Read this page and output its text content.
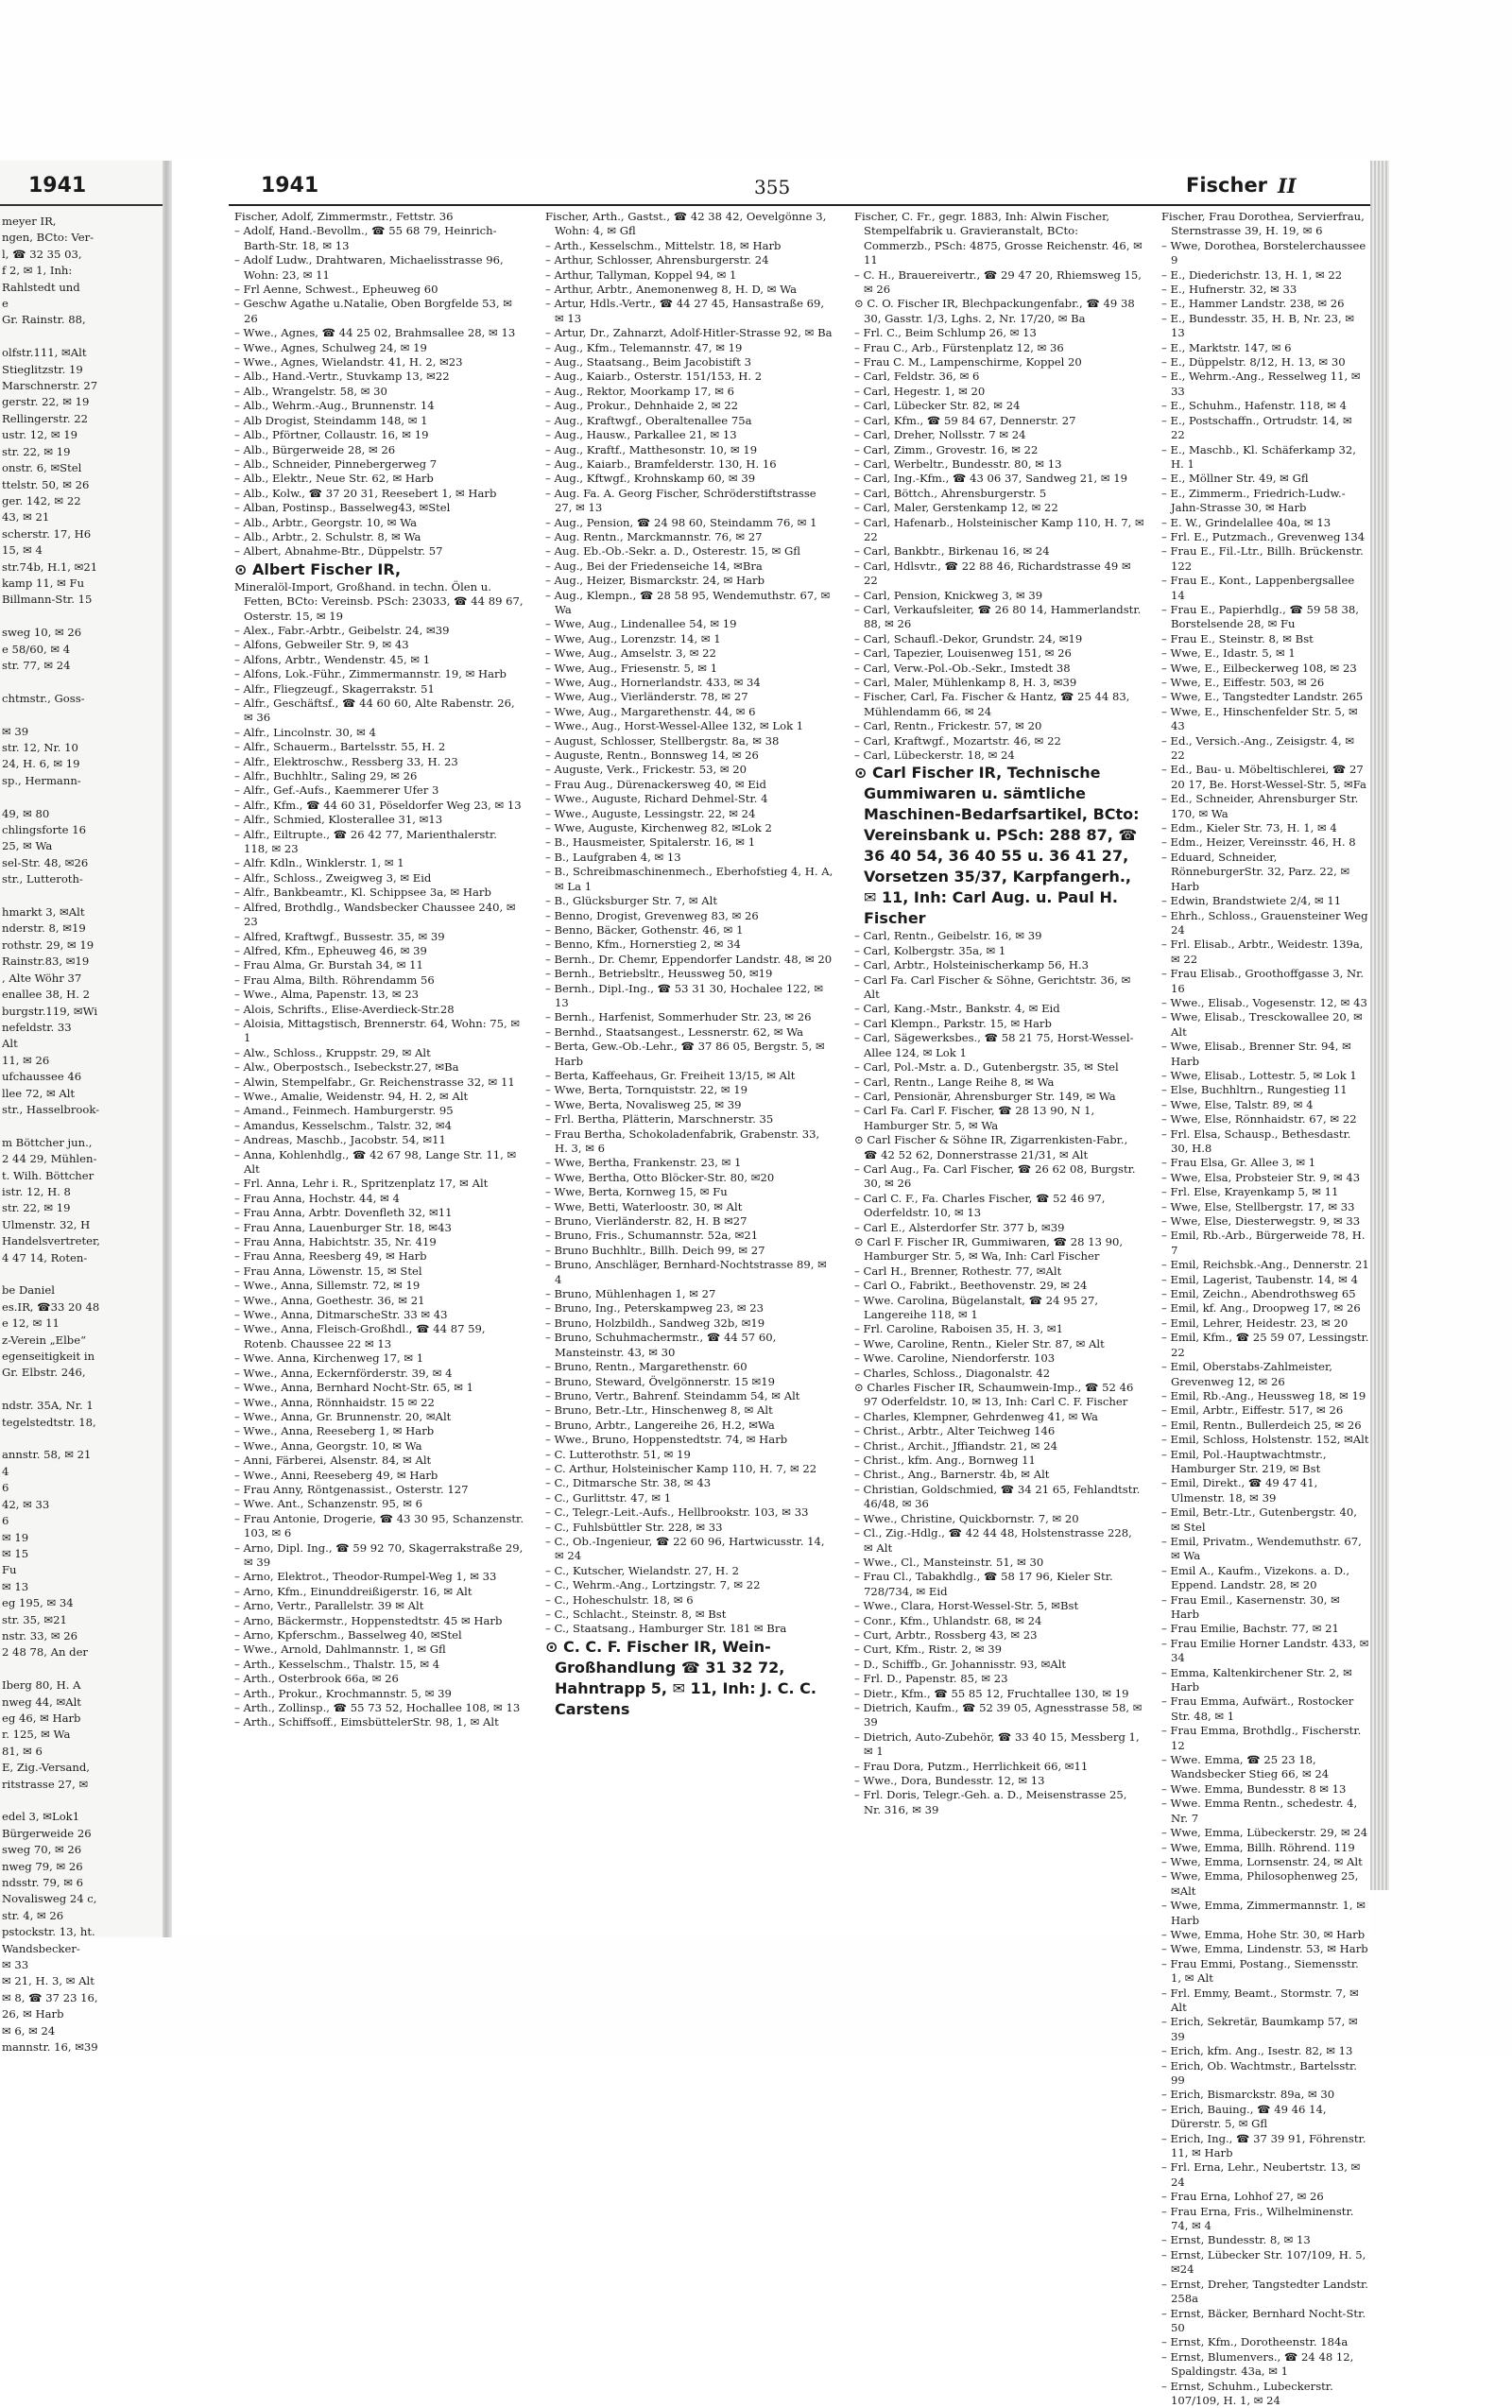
1941
meyer IR,
ngen, BCto: Ver-
l, ☎ 32 35 03,
f 2, ✉ 1, Inh:
Rahlstedt und
e
Gr. Rainstr. 88,

olfstr.111, ✉Alt
Stieglitzstr. 19
Marschnerstr. 27
gerstr. 22, ✉ 19
Rellingerstr. 22
ustr. 12, ✉ 19
str. 22, ✉ 19
onstr. 6, ✉Stel
ttelstr. 50, ✉ 26
ger. 142, ✉ 22
43, ✉ 21
scherstr. 17, H6
15, ✉ 4
str.74b, H.1, ✉21
kamp 11, ✉ Fu
Billmann-Str. 15

sweg 10, ✉ 26
e 58/60, ✉ 4
str. 77, ✉ 24

chtmstr., Goss-

✉ 39
str. 12, Nr. 10
24, H. 6, ✉ 19
sp., Hermann-

49, ✉ 80
chlingsforte 16
25, ✉ Wa
sel-Str. 48, ✉26
str., Lutteroth-

hmarkt 3, ✉Alt
nderstr. 8, ✉19
rothstr. 29, ✉ 19
Rainstr.83, ✉19
, Alte Wöhr 37
enallee 38, H. 2
burgstr.119, ✉Wi
nefeldstr. 33
Alt
11, ✉ 26
ufchaussee 46
llee 72, ✉ Alt
str., Hasselbrook-

m Böttcher jun.,
2 44 29, Mühlen-
t. Wilh. Böttcher
istr. 12, H. 8
str. 22, ✉ 19
Ulmenstr. 32, H
Handelsvertreter,
4 47 14, Roten-

be Daniel
es.IR, ☎33 20 48
e 12, ✉ 11
z-Verein „Elbe“
egenseitigkeit in
Gr. Elbstr. 246,

ndstr. 35A, Nr. 1
tegelstedtstr. 18,

annstr. 58, ✉ 21
4
6
42, ✉ 33
6
✉ 19
✉ 15
Fu
✉ 13
eg 195, ✉ 34
str. 35, ✉21
nstr. 33, ✉ 26
2 48 78, An der

Iberg 80, H. A
nweg 44, ✉Alt
eg 46, ✉ Harb
r. 125, ✉ Wa
81, ✉ 6
E, Zig.-Versand,
ritstrasse 27, ✉

edel 3, ✉Lok1
Bürgerweide 26
sweg 70, ✉ 26
nweg 79, ✉ 26
ndsstr. 79, ✉ 6
Novalisweg 24 c,
str. 4, ✉ 26
pstockstr. 13, ht.
Wandsbecker-
✉ 33
✉ 21, H. 3, ✉ Alt
✉ 8, ☎ 37 23 16,
26, ✉ Harb
✉ 6, ✉ 24
mannstr. 16, ✉39
1941	355	Fischer II

Fischer, Adolf, Zimmermstr., Fettstr. 36

– Adolf, Hand.-Bevollm., ☎ 55 68 79, Heinrich-Barth-Str. 18, ✉ 13

– Adolf Ludw., Drahtwaren, Michaelisstrasse 96, Wohn: 23, ✉ 11

– Frl Aenne, Schwest., Epheuweg 60

– Geschw Agathe u.Natalie, Oben Borgfelde 53, ✉ 26

– Wwe., Agnes, ☎ 44 25 02, Brahmsallee 28, ✉ 13

– Wwe., Agnes, Schulweg 24, ✉ 19

– Wwe., Agnes, Wielandstr. 41, H. 2, ✉23

– Alb., Hand.-Vertr., Stuvkamp 13, ✉22

– Alb., Wrangelstr. 58, ✉ 30

– Alb., Wehrm.-Aug., Brunnenstr. 14

– Alb Drogist, Steindamm 148, ✉ 1

– Alb., Pförtner, Collaustr. 16, ✉ 19

– Alb., Bürgerweide 28, ✉ 26

– Alb., Schneider, Pinnebergerweg 7

– Alb., Elektr., Neue Str. 62, ✉ Harb

– Alb., Kolw., ☎ 37 20 31, Reesebert 1, ✉ Harb

– Alban, Postinsp., Basselweg43, ✉Stel

– Alb., Arbtr., Georgstr. 10, ✉ Wa

– Alb., Arbtr., 2. Schulstr. 8, ✉ Wa

– Albert, Abnahme-Btr., Düppelstr. 57

⊙ Albert Fischer IR,

Mineralöl-Import, Großhand. in techn. Ölen u. Fetten, BCto: Vereinsb. PSch: 23033, ☎ 44 89 67, Osterstr. 15, ✉ 19

– Alex., Fabr.-Arbtr., Geibelstr. 24, ✉39

– Alfons, Gebweiler Str. 9, ✉ 43

– Alfons, Arbtr., Wendenstr. 45, ✉ 1

– Alfons, Lok.-Führ., Zimmermannstr. 19, ✉ Harb

– Alfr., Fliegzeugf., Skagerrakstr. 51

– Alfr., Geschäftsf., ☎ 44 60 60, Alte Rabenstr. 26, ✉ 36

– Alfr., Lincolnstr. 30, ✉ 4

– Alfr., Schauerm., Bartelsstr. 55, H. 2

– Alfr., Elektroschw., Ressberg 33, H. 23

– Alfr., Buchhltr., Saling 29, ✉ 26

– Alfr., Gef.-Aufs., Kaemmerer Ufer 3

– Alfr., Kfm., ☎ 44 60 31, Pöseldorfer Weg 23, ✉ 13

– Alfr., Schmied, Klosterallee 31, ✉13

– Alfr., Eiltrupte., ☎ 26 42 77, Marienthalerstr. 118, ✉ 23

– Alfr. Kdln., Winklerstr. 1, ✉ 1

– Alfr., Schloss., Zweigweg 3, ✉ Eid

– Alfr., Bankbeamtr., Kl. Schippsee 3a, ✉ Harb

– Alfred, Brothdlg., Wandsbecker Chaussee 240, ✉ 23

– Alfred, Kraftwgf., Bussestr. 35, ✉ 39

– Alfred, Kfm., Epheuweg 46, ✉ 39

– Frau Alma, Gr. Burstah 34, ✉ 11

– Frau Alma, Bilth. Röhrendamm 56

– Wwe., Alma, Papenstr. 13, ✉ 23

– Alois, Schrifts., Elise-Averdieck-Str.28

– Aloisia, Mittagstisch, Brennerstr. 64, Wohn: 75, ✉ 1

– Alw., Schloss., Kruppstr. 29, ✉ Alt

– Alw., Oberpostsch., Isebeckstr.27, ✉Ba

– Alwin, Stempelfabr., Gr. Reichenstrasse 32, ✉ 11

– Wwe., Amalie, Weidenstr. 94, H. 2, ✉ Alt

– Amand., Feinmech. Hamburgerstr. 95

– Amandus, Kesselschm., Talstr. 32, ✉4

– Andreas, Maschb., Jacobstr. 54, ✉11

– Anna, Kohlenhdlg., ☎ 42 67 98, Lange Str. 11, ✉ Alt

– Frl. Anna, Lehr i. R., Spritzenplatz 17, ✉ Alt

– Frau Anna, Hochstr. 44, ✉ 4

– Frau Anna, Arbtr. Dovenfleth 32, ✉11

– Frau Anna, Lauenburger Str. 18, ✉43

– Frau Anna, Habichtstr. 35, Nr. 419

– Frau Anna, Reesberg 49, ✉ Harb

– Frau Anna, Löwenstr. 15, ✉ Stel

– Wwe., Anna, Sillemstr. 72, ✉ 19

– Wwe., Anna, Goethestr. 36, ✉ 21

– Wwe., Anna, DitmarscheStr. 33 ✉ 43

– Wwe., Anna, Fleisch-Großhdl., ☎ 44 87 59, Rotenb. Chaussee 22 ✉ 13

– Wwe. Anna, Kirchenweg 17, ✉ 1

– Wwe., Anna, Eckernförderstr. 39, ✉ 4

– Wwe., Anna, Bernhard Nocht-Str. 65, ✉ 1

– Wwe., Anna, Rönnhaidstr. 15 ✉ 22

– Wwe., Anna, Gr. Brunnenstr. 20, ✉Alt

– Wwe., Anna, Reeseberg 1, ✉ Harb

– Wwe., Anna, Georgstr. 10, ✉ Wa

– Anni, Färberei, Alsenstr. 84, ✉ Alt

– Wwe., Anni, Reeseberg 49, ✉ Harb

– Frau Anny, Röntgenassist., Osterstr. 127

– Wwe. Ant., Schanzenstr. 95, ✉ 6

– Frau Antonie, Drogerie, ☎ 43 30 95, Schanzenstr. 103, ✉ 6

– Arno, Dipl. Ing., ☎ 59 92 70, Skagerrakstraße 29, ✉ 39

– Arno, Elektrot., Theodor-Rumpel-Weg 1, ✉ 33

– Arno, Kfm., Einunddreißigerstr. 16, ✉ Alt

– Arno, Vertr., Parallelstr. 39 ✉ Alt

– Arno, Bäckermstr., Hoppenstedtstr. 45 ✉ Harb

– Arno, Kpferschm., Basselweg 40, ✉Stel

– Wwe., Arnold, Dahlmannstr. 1, ✉ Gfl

– Arth., Kesselschm., Thalstr. 15, ✉ 4

– Arth., Osterbrook 66a, ✉ 26

– Arth., Prokur., Krochmannstr. 5, ✉ 39

– Arth., Zollinsp., ☎ 55 73 52, Hochallee 108, ✉ 13

– Arth., Schiffsoff., EimsbüttelerStr. 98, 1, ✉ Alt

Fischer, Arth., Gastst., ☎ 42 38 42, Oevelgönne 3, Wohn: 4, ✉ Gfl

– Arth., Kesselschm., Mittelstr. 18, ✉ Harb

– Arthur, Schlosser, Ahrensburgerstr. 24

– Arthur, Tallyman, Koppel 94, ✉ 1

– Arthur, Arbtr., Anemonenweg 8, H. D, ✉ Wa

– Artur, Hdls.-Vertr., ☎ 44 27 45, Hansastraße 69, ✉ 13

– Artur, Dr., Zahnarzt, Adolf-Hitler-Strasse 92, ✉ Ba

– Aug., Kfm., Telemannstr. 47, ✉ 19

– Aug., Staatsang., Beim Jacobistift 3

– Aug., Kaiarb., Osterstr. 151/153, H. 2

– Aug., Rektor, Moorkamp 17, ✉ 6

– Aug., Prokur., Dehnhaide 2, ✉ 22

– Aug., Kraftwgf., Oberaltenallee 75a

– Aug., Hausw., Parkallee 21, ✉ 13

– Aug., Kraftf., Matthesonstr. 10, ✉ 19

– Aug., Kaiarb., Bramfelderstr. 130, H. 16

– Aug., Kftwgf., Krohnskamp 60, ✉ 39

– Aug. Fa. A. Georg Fischer, Schröderstiftstrasse 27, ✉ 13

– Aug., Pension, ☎ 24 98 60, Steindamm 76, ✉ 1

– Aug. Rentn., Marckmannstr. 76, ✉ 27

– Aug. Eb.-Ob.-Sekr. a. D., Osterestr. 15, ✉ Gfl

– Aug., Bei der Friedenseiche 14, ✉Bra

– Aug., Heizer, Bismarckstr. 24, ✉ Harb

– Aug., Klempn., ☎ 28 58 95, Wendemuthstr. 67, ✉ Wa

– Wwe, Aug., Lindenallee 54, ✉ 19

– Wwe, Aug., Lorenzstr. 14, ✉ 1

– Wwe, Aug., Amselstr. 3, ✉ 22

– Wwe, Aug., Friesenstr. 5, ✉ 1

– Wwe, Aug., Hornerlandstr. 433, ✉ 34

– Wwe, Aug., Vierländerstr. 78, ✉ 27

– Wwe, Aug., Margarethenstr. 44, ✉ 6

– Wwe., Aug., Horst-Wessel-Allee 132, ✉ Lok 1

– August, Schlosser, Stellbergstr. 8a, ✉ 38

– Auguste, Rentn., Bonnsweg 14, ✉ 26

– Auguste, Verk., Frickestr. 53, ✉ 20

– Frau Aug., Dürenackersweg 40, ✉ Eid

– Wwe., Auguste, Richard Dehmel-Str. 4

– Wwe., Auguste, Lessingstr. 22, ✉ 24

– Wwe, Auguste, Kirchenweg 82, ✉Lok 2

– B., Hausmeister, Spitalerstr. 16, ✉ 1

– B., Laufgraben 4, ✉ 13

– B., Schreibmaschinenmech., Eberhofstieg 4, H. A, ✉ La 1

– B., Glücksburger Str. 7, ✉ Alt

– Benno, Drogist, Grevenweg 83, ✉ 26

– Benno, Bäcker, Gothenstr. 46, ✉ 1

– Benno, Kfm., Hornerstieg 2, ✉ 34

– Bernh., Dr. Chemr, Eppendorfer Landstr. 48, ✉ 20

– Bernh., Betriebsltr., Heussweg 50, ✉19

– Bernh., Dipl.-Ing., ☎ 53 31 30, Hochalee 122, ✉ 13

– Bernh., Harfenist, Sommerhuder Str. 23, ✉ 26

– Bernhd., Staatsangest., Lessnerstr. 62, ✉ Wa

– Berta, Gew.-Ob.-Lehr., ☎ 37 86 05, Bergstr. 5, ✉ Harb

– Berta, Kaffeehaus, Gr. Freiheit 13/15, ✉ Alt

– Wwe, Berta, Tornquiststr. 22, ✉ 19

– Wwe, Berta, Novalisweg 25, ✉ 39

– Frl. Bertha, Plätterin, Marschnerstr. 35

– Frau Bertha, Schokoladenfabrik, Grabenstr. 33, H. 3, ✉ 6

– Wwe, Bertha, Frankenstr. 23, ✉ 1

– Wwe, Bertha, Otto Blöcker-Str. 80, ✉20

– Wwe, Berta, Kornweg 15, ✉ Fu

– Wwe, Betti, Waterloostr. 30, ✉ Alt

– Bruno, Vierländerstr. 82, H. B ✉27

– Bruno, Fris., Schumannstr. 52a, ✉21

– Bruno Buchhltr., Billh. Deich 99, ✉ 27

– Bruno, Anschläger, Bernhard-Nochtstrasse 89, ✉ 4

– Bruno, Mühlenhagen 1, ✉ 27

– Bruno, Ing., Peterskampweg 23, ✉ 23

– Bruno, Holzbildh., Sandweg 32b, ✉19

– Bruno, Schuhmachermstr., ☎ 44 57 60, Mansteinstr. 43, ✉ 30

– Bruno, Rentn., Margarethenstr. 60

– Bruno, Steward, Övelgönnerstr. 15 ✉19

– Bruno, Vertr., Bahrenf. Steindamm 54, ✉ Alt

– Bruno, Betr.-Ltr., Hinschenweg 8, ✉ Alt

– Bruno, Arbtr., Langereihe 26, H.2, ✉Wa

– Wwe., Bruno, Hoppenstedtstr. 74, ✉ Harb

– C. Lutterothstr. 51, ✉ 19

– C. Arthur, Holsteinischer Kamp 110, H. 7, ✉ 22

– C., Ditmarsche Str. 38, ✉ 43

– C., Gurlittstr. 47, ✉ 1

– C., Telegr.-Leit.-Aufs., Hellbrookstr. 103, ✉ 33

– C., Fuhlsbüttler Str. 228, ✉ 33

– C., Ob.-Ingenieur, ☎ 22 60 96, Hartwicusstr. 14, ✉ 24

– C., Kutscher, Wielandstr. 27, H. 2

– C., Wehrm.-Ang., Lortzingstr. 7, ✉ 22

– C., Hoheschulstr. 18, ✉ 6

– C., Schlacht., Steinstr. 8, ✉ Bst

– C., Staatsang., Hamburger Str. 181 ✉ Bra

⊙ C. C. F. Fischer IR, Wein-Großhandlung ☎ 31 32 72, Hahntrapp 5, ✉ 11, Inh: J. C. C. Carstens

Fischer, C. Fr., gegr. 1883, Inh: Alwin Fischer, Stempelfabrik u. Gravieranstalt, BCto: Commerzb., PSch: 4875, Grosse Reichenstr. 46, ✉ 11

– C. H., Brauereivertr., ☎ 29 47 20, Rhiemsweg 15, ✉ 26

⊙ C. O. Fischer IR, Blechpackungenfabr., ☎ 49 38 30, Gasstr. 1/3, Lghs. 2, Nr. 17/20, ✉ Ba

– Frl. C., Beim Schlump 26, ✉ 13

– Frau C., Arb., Fürstenplatz 12, ✉ 36

– Frau C. M., Lampenschirme, Koppel 20

– Carl, Feldstr. 36, ✉ 6

– Carl, Hegestr. 1, ✉ 20

– Carl, Lübecker Str. 82, ✉ 24

– Carl, Kfm., ☎ 59 84 67, Dennerstr. 27

– Carl, Dreher, Nollsstr. 7 ✉ 24

– Carl, Zimm., Grovestr. 16, ✉ 22

– Carl, Werbeltr., Bundesstr. 80, ✉ 13

– Carl, Ing.-Kfm., ☎ 43 06 37, Sandweg 21, ✉ 19

– Carl, Böttch., Ahrensburgerstr. 5

– Carl, Maler, Gerstenkamp 12, ✉ 22

– Carl, Hafenarb., Holsteinischer Kamp 110, H. 7, ✉ 22

– Carl, Bankbtr., Birkenau 16, ✉ 24

– Carl, Hdlsvtr., ☎ 22 88 46, Richardstrasse 49 ✉ 22

– Carl, Pension, Knickweg 3, ✉ 39

– Carl, Verkaufsleiter, ☎ 26 80 14, Hammerlandstr. 88, ✉ 26

– Carl, Schaufl.-Dekor, Grundstr. 24, ✉19

– Carl, Tapezier, Louisenweg 151, ✉ 26

– Carl, Verw.-Pol.-Ob.-Sekr., Imstedt 38

– Carl, Maler, Mühlenkamp 8, H. 3, ✉39

– Fischer, Carl, Fa. Fischer & Hantz, ☎ 25 44 83, Mühlendamm 66, ✉ 24

– Carl, Rentn., Frickestr. 57, ✉ 20

– Carl, Kraftwgf., Mozartstr. 46, ✉ 22

– Carl, Lübeckerstr. 18, ✉ 24

⊙ Carl Fischer IR, Technische Gummiwaren u. sämtliche Maschinen-Bedarfsartikel, BCto: Vereinsbank u. PSch: 288 87, ☎ 36 40 54, 36 40 55 u. 36 41 27, Vorsetzen 35/37, Karpfangerh., ✉ 11, Inh: Carl Aug. u. Paul H. Fischer

– Carl, Rentn., Geibelstr. 16, ✉ 39

– Carl, Kolbergstr. 35a, ✉ 1

– Carl, Arbtr., Holsteinischerkamp 56, H.3

– Carl Fa. Carl Fischer & Söhne, Gerichtstr. 36, ✉ Alt

– Carl, Kang.-Mstr., Bankstr. 4, ✉ Eid

– Carl Klempn., Parkstr. 15, ✉ Harb

– Carl, Sägewerksbes., ☎ 58 21 75, Horst-Wessel-Allee 124, ✉ Lok 1

– Carl, Pol.-Mstr. a. D., Gutenbergstr. 35, ✉ Stel

– Carl, Rentn., Lange Reihe 8, ✉ Wa

– Carl, Pensionär, Ahrensburger Str. 149, ✉ Wa

– Carl Fa. Carl F. Fischer, ☎ 28 13 90, N 1, Hamburger Str. 5, ✉ Wa

⊙ Carl Fischer & Söhne IR, Zigarrenkisten-Fabr., ☎ 42 52 62, Donnerstrasse 21/31, ✉ Alt

– Carl Aug., Fa. Carl Fischer, ☎ 26 62 08, Burgstr. 30, ✉ 26

– Carl C. F., Fa. Charles Fischer, ☎ 52 46 97, Oderfeldstr. 10, ✉ 13

– Carl E., Alsterdorfer Str. 377 b, ✉39

⊙ Carl F. Fischer IR, Gummiwaren, ☎ 28 13 90, Hamburger Str. 5, ✉ Wa, Inh: Carl Fischer

– Carl H., Brenner, Rothestr. 77, ✉Alt

– Carl O., Fabrikt., Beethovenstr. 29, ✉ 24

– Wwe. Carolina, Bügelanstalt, ☎ 24 95 27, Langereihe 118, ✉ 1

– Frl. Caroline, Raboisen 35, H. 3, ✉1

– Wwe, Caroline, Rentn., Kieler Str. 87, ✉ Alt

– Wwe. Caroline, Niendorferstr. 103

– Charles, Schloss., Diagonalstr. 42

⊙ Charles Fischer IR, Schaumwein-Imp., ☎ 52 46 97 Oderfeldstr. 10, ✉ 13, Inh: Carl C. F. Fischer

– Charles, Klempner, Gehrdenweg 41, ✉ Wa

– Christ., Arbtr., Alter Teichweg 146

– Christ., Archit., Jffiandstr. 21, ✉ 24

– Christ., kfm. Ang., Bornweg 11

– Christ., Ang., Barnerstr. 4b, ✉ Alt

– Christian, Goldschmied, ☎ 34 21 65, Fehlandtstr. 46/48, ✉ 36

– Wwe., Christine, Quickbornstr. 7, ✉ 20

– Cl., Zig.-Hdlg., ☎ 42 44 48, Holstenstrasse 228, ✉ Alt

– Wwe., Cl., Mansteinstr. 51, ✉ 30

– Frau Cl., Tabakhdlg., ☎ 58 17 96, Kieler Str. 728/734, ✉ Eid

– Wwe., Clara, Horst-Wessel-Str. 5, ✉Bst

– Conr., Kfm., Uhlandstr. 68, ✉ 24

– Curt, Arbtr., Rossberg 43, ✉ 23

– Curt, Kfm., Ristr. 2, ✉ 39

– D., Schiffb., Gr. Johannisstr. 93, ✉Alt

– Frl. D., Papenstr. 85, ✉ 23

– Dietr., Kfm., ☎ 55 85 12, Fruchtallee 130, ✉ 19

– Dietrich, Kaufm., ☎ 52 39 05, Agnesstrasse 58, ✉ 39

– Dietrich, Auto-Zubehör, ☎ 33 40 15, Messberg 1, ✉ 1

– Frau Dora, Putzm., Herrlichkeit 66, ✉11

– Wwe., Dora, Bundesstr. 12, ✉ 13

– Frl. Doris, Telegr.-Geh. a. D., Meisenstrasse 25, Nr. 316, ✉ 39

Fischer, Frau Dorothea, Servierfrau, Sternstrasse 39, H. 19, ✉ 6

– Wwe, Dorothea, Borstelerchaussee 9

– E., Diederichstr. 13, H. 1, ✉ 22

– E., Hufnerstr. 32, ✉ 33

– E., Hammer Landstr. 238, ✉ 26

– E., Bundesstr. 35, H. B, Nr. 23, ✉ 13

– E., Marktstr. 147, ✉ 6

– E., Düppelstr. 8/12, H. 13, ✉ 30

– E., Wehrm.-Ang., Resselweg 11, ✉ 33

– E., Schuhm., Hafenstr. 118, ✉ 4

– E., Postschaffn., Ortrudstr. 14, ✉ 22

– E., Maschb., Kl. Schäferkamp 32, H. 1

– E., Möllner Str. 49, ✉ Gfl

– E., Zimmerm., Friedrich-Ludw.-Jahn-Strasse 30, ✉ Harb

– E. W., Grindelallee 40a, ✉ 13

– Frl. E., Putzmach., Grevenweg 134

– Frau E., Fil.-Ltr., Billh. Brückenstr. 122

– Frau E., Kont., Lappenbergsallee 14

– Frau E., Papierhdlg., ☎ 59 58 38, Borstelsende 28, ✉ Fu

– Frau E., Steinstr. 8, ✉ Bst

– Wwe, E., Idastr. 5, ✉ 1

– Wwe, E., Eilbeckerweg 108, ✉ 23

– Wwe, E., Eiffestr. 503, ✉ 26

– Wwe, E., Tangstedter Landstr. 265

– Wwe, E., Hinschenfelder Str. 5, ✉ 43

– Ed., Versich.-Ang., Zeisigstr. 4, ✉ 22

– Ed., Bau- u. Möbeltischlerei, ☎ 27 20 17, Be. Horst-Wessel-Str. 5, ✉Fa

– Ed., Schneider, Ahrensburger Str. 170, ✉ Wa

– Edm., Kieler Str. 73, H. 1, ✉ 4

– Edm., Heizer, Vereinsstr. 46, H. 8

– Eduard, Schneider, RönneburgerStr. 32, Parz. 22, ✉ Harb

– Edwin, Brandstwiete 2/4, ✉ 11

– Ehrh., Schloss., Grauensteiner Weg 24

– Frl. Elisab., Arbtr., Weidestr. 139a, ✉ 22

– Frau Elisab., Groothoffgasse 3, Nr. 16

– Wwe., Elisab., Vogesenstr. 12, ✉ 43

– Wwe, Elisab., Tresckowallee 20, ✉Alt

– Wwe, Elisab., Brenner Str. 94, ✉ Harb

– Wwe, Elisab., Lottestr. 5, ✉ Lok 1

– Else, Buchhltrn., Rungestieg 11

– Wwe, Else, Talstr. 89, ✉ 4

– Wwe, Else, Rönnhaidstr. 67, ✉ 22

– Frl. Elsa, Schausp., Bethesdastr. 30, H.8

– Frau Elsa, Gr. Allee 3, ✉ 1

– Wwe, Elsa, Probsteier Str. 9, ✉ 43

– Frl. Else, Krayenkamp 5, ✉ 11

– Wwe, Else, Stellbergstr. 17, ✉ 33

– Wwe, Else, Diesterwegstr. 9, ✉ 33

– Emil, Rb.-Arb., Bürgerweide 78, H. 7

– Emil, Reichsbk.-Ang., Dennerstr. 21

– Emil, Lagerist, Taubenstr. 14, ✉ 4

– Emil, Zeichn., Abendrothsweg 65

– Emil, kf. Ang., Droopweg 17, ✉ 26

– Emil, Lehrer, Heidestr. 23, ✉ 20

– Emil, Kfm., ☎ 25 59 07, Lessingstr. 22

– Emil, Oberstabs-Zahlmeister, Grevenweg 12, ✉ 26

– Emil, Rb.-Ang., Heussweg 18, ✉ 19

– Emil, Arbtr., Eiffestr. 517, ✉ 26

– Emil, Rentn., Bullerdeich 25, ✉ 26

– Emil, Schloss, Holstenstr. 152, ✉Alt

– Emil, Pol.-Hauptwachtmstr., Hamburger Str. 219, ✉ Bst

– Emil, Direkt., ☎ 49 47 41, Ulmenstr. 18, ✉ 39

– Emil, Betr.-Ltr., Gutenbergstr. 40, ✉ Stel

– Emil, Privatm., Wendemuthstr. 67, ✉ Wa

– Emil A., Kaufm., Vizekons. a. D., Eppend. Landstr. 28, ✉ 20

– Frau Emil., Kasernenstr. 30, ✉ Harb

– Frau Emilie, Bachstr. 77, ✉ 21

– Frau Emilie Horner Landstr. 433, ✉34

– Emma, Kaltenkirchener Str. 2, ✉ Harb

– Frau Emma, Aufwärt., Rostocker Str. 48, ✉ 1

– Frau Emma, Brothdlg., Fischerstr. 12

– Wwe. Emma, ☎ 25 23 18, Wandsbecker Stieg 66, ✉ 24

– Wwe. Emma, Bundesstr. 8 ✉ 13

– Wwe. Emma Rentn., schedestr. 4, Nr. 7

– Wwe, Emma, Lübeckerstr. 29, ✉ 24

– Wwe, Emma, Billh. Röhrend. 119

– Wwe, Emma, Lornsenstr. 24, ✉ Alt

– Wwe, Emma, Philosophenweg 25, ✉Alt

– Wwe, Emma, Zimmermannstr. 1, ✉ Harb

– Wwe, Emma, Hohe Str. 30, ✉ Harb

– Wwe, Emma, Lindenstr. 53, ✉ Harb

– Frau Emmi, Postang., Siemensstr. 1, ✉ Alt

– Frl. Emmy, Beamt., Stormstr. 7, ✉Alt

– Erich, Sekretär, Baumkamp 57, ✉ 39

– Erich, kfm. Ang., Isestr. 82, ✉ 13

– Erich, Ob. Wachtmstr., Bartelsstr. 99

– Erich, Bismarckstr. 89a, ✉ 30

– Erich, Bauing., ☎ 49 46 14, Dürerstr. 5, ✉ Gfl

– Erich, Ing., ☎ 37 39 91, Föhrenstr. 11, ✉ Harb

– Frl. Erna, Lehr., Neubertstr. 13, ✉24

– Frau Erna, Lohhof 27, ✉ 26

– Frau Erna, Fris., Wilhelminenstr. 74, ✉ 4

– Ernst, Bundesstr. 8, ✉ 13

– Ernst, Lübecker Str. 107/109, H. 5, ✉24

– Ernst, Dreher, Tangstedter Landstr. 258a

– Ernst, Bäcker, Bernhard Nocht-Str. 50

– Ernst, Kfm., Dorotheenstr. 184a

– Ernst, Blumenvers., ☎ 24 48 12, Spaldingstr. 43a, ✉ 1

– Ernst, Schuhm., Lubeckerstr. 107/109, H. 1, ✉ 24
